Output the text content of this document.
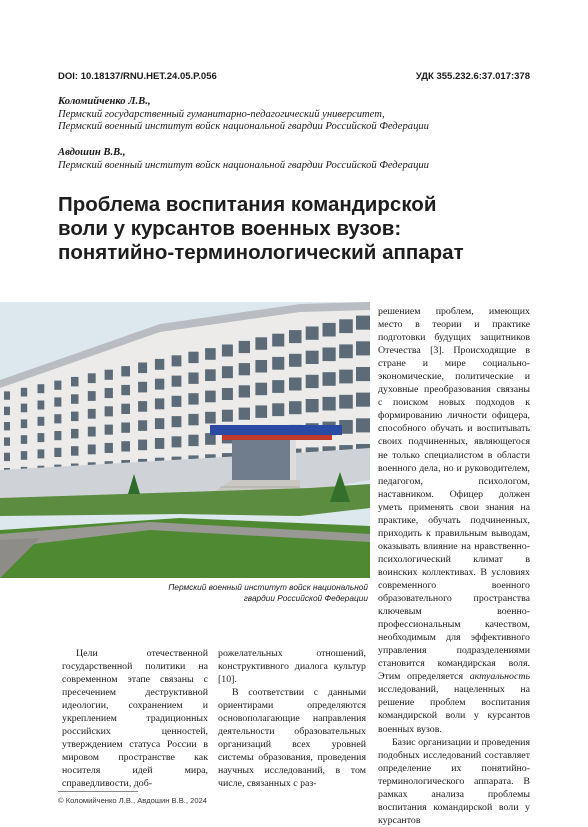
DOI: 10.18137/RNU.HET.24.05.P.056	УДК 355.232.6:37.017:378
Коломийченко Л.В.,
Пермский государственный гуманитарно-педагогический университет,
Пермский военный институт войск национальной гвардии Российской Федерации
Авдошин В.В.,
Пермский военный институт войск национальной гвардии Российской Федерации
Проблема воспитания командирской
воли у курсантов военных вузов:
понятийно-терминологический аппарат
Пермский военный институт войск национальной
гвардии Российской Федерации

Цели отечественной государственной политики на современном этапе связаны с пресечением деструктивной идеологии, сохранением и укреплением традиционных российских ценностей, утверждением статуса России в мировом пространстве как носителя идей мира, справедливости, доб-

рожелательных отношений, конструктивного диалога культур [10].

В соответствии с данными ориентирами определяются основополагающие направления деятельности образовательных организаций всех уровней системы образования, проведения научных исследований, в том числе, связанных с раз-

решением проблем, имеющих место в теории и практике подготовки будущих защитников Отечества [3]. Происходящие в стране и мире социально-экономические, политические и духовные преобразования связаны с поиском новых подходов к формированию личности офицера, способного обучать и воспитывать своих подчиненных, являющегося не только специалистом в области военного дела, но и руководителем, педагогом, психологом, наставником. Офицер должен уметь применять свои знания на практике, обучать подчиненных, приходить к правильным выводам, оказывать влияние на нравственно-психологический климат в воинских коллективах. В условиях современного военного образовательного пространства ключевым военно-профессиональным качеством, необходимым для эффективного управления подразделениями становится командирская воля. Этим определяется актуальность исследований, нацеленных на решение проблем воспитания командирской воли у курсантов военных вузов.

Базис организации и проведения подобных исследований составляет определение их понятийно-терминологического аппарата. В рамках анализа проблемы воспитания командирской воли у курсантов

© Коломийченко Л.В., Авдошин В.В., 2024
